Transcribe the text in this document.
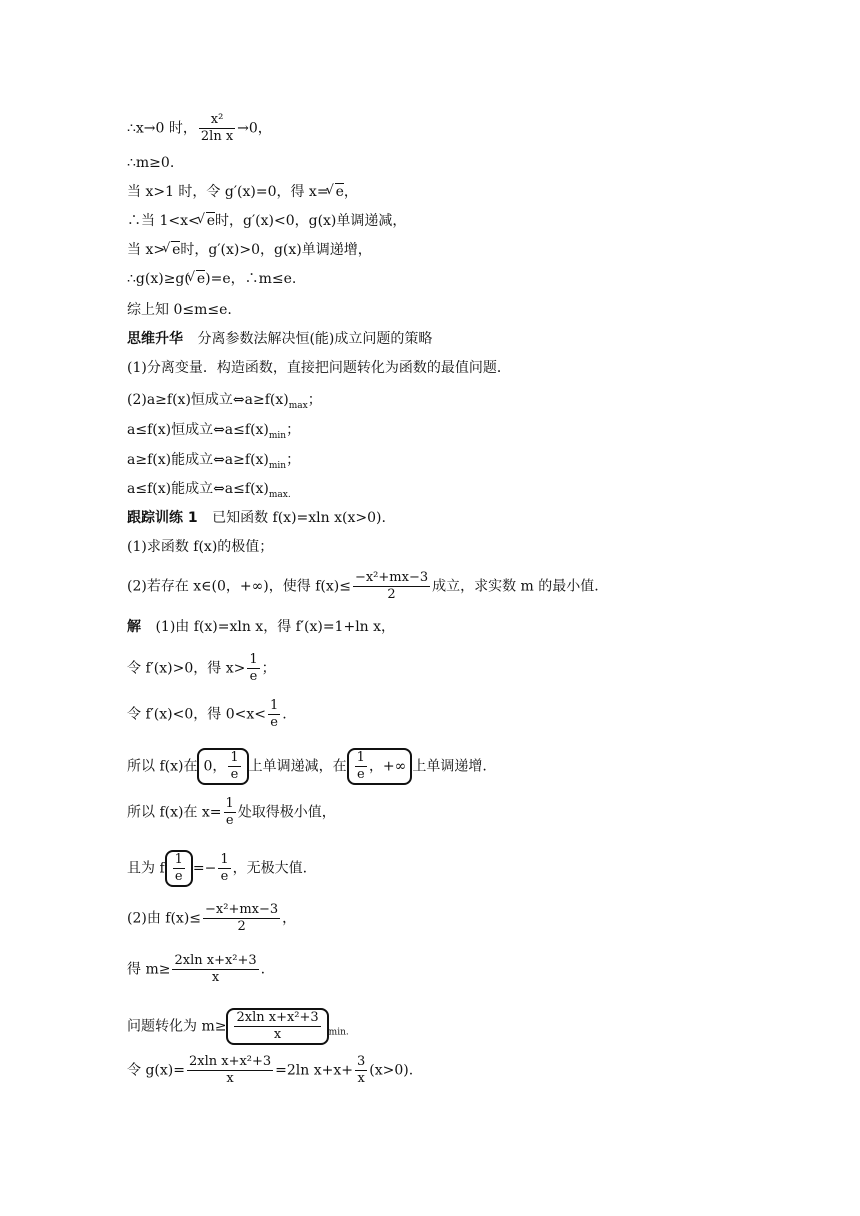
∴x→0 时， $\frac{\text{x²}}{\text{2ln x}} \to 0$，
∴m≥0.
当 x>1 时，令 g′(x)=0，得 x= √ e，
∴当 1<x< √ e时，g′(x)<0，g(x)单调递减，
当 x> √ e时，g′(x)>0，g(x)单调递增，
∴g(x)≥g( √ e)=e，∴m≤e.
综上知 0≤m≤e.
思维升华 分离参数法解决恒(能)成立问题的策略
(1)分离变量．构造函数，直接把问题转化为函数的最值问题．
(2)a≥f(x)恒成立$\Leftrightarrow a\ge f(x)_{max}$；
a≤f(x)恒成立$\Leftrightarrow a\le f(x)_{min}$；
a≥f(x)能成立$\Leftrightarrow a\ge f(x)_{min}$；
a≤f(x)能成立$\Leftrightarrow a\le f(x)_{max.}$
跟踪训练 1 已知函数 f(x)=xln x(x>0).
(1)求函数 f(x)的极值；
(2)若存在 x∈(0，+∞)，使得 $f(x)\le \frac{\text{−x²+mx−3}}{2}$ 成立，求实数 m 的最小值.
解 (1)由 f(x)=xln x，得 f′(x)=1+ln x，
令 f′(x)>0，得 $x> \frac{1}{e}$ ；
令 f′(x)<0，得 $0<x< \frac{1}{e}$ .
所以 f(x)在 0， $\frac{1}{e}$ 上单调递减，在 $\frac{1}{e}$ ，+∞ 上单调递增.
所以 f(x)在 $x= \frac{1}{e}$ 处取得极小值，
且为 f $\frac{1}{e} =- \frac{1}{e}$ ，无极大值.
(2)由 $f(x)\le \frac{\text{−x²+mx−3}}{2}$ ，
得 $m\ge \frac{\text{2xln x+x²+3}}{x}$ .
问题转化为 $m\ge \frac{\text{2xln x+x²+3}}{x} _{min.}$
令 $g(x)= \frac{\text{2xln x+x²+3}}{x} =2\ln$ $x+x+ \frac{3}{x} (x>0)$.
